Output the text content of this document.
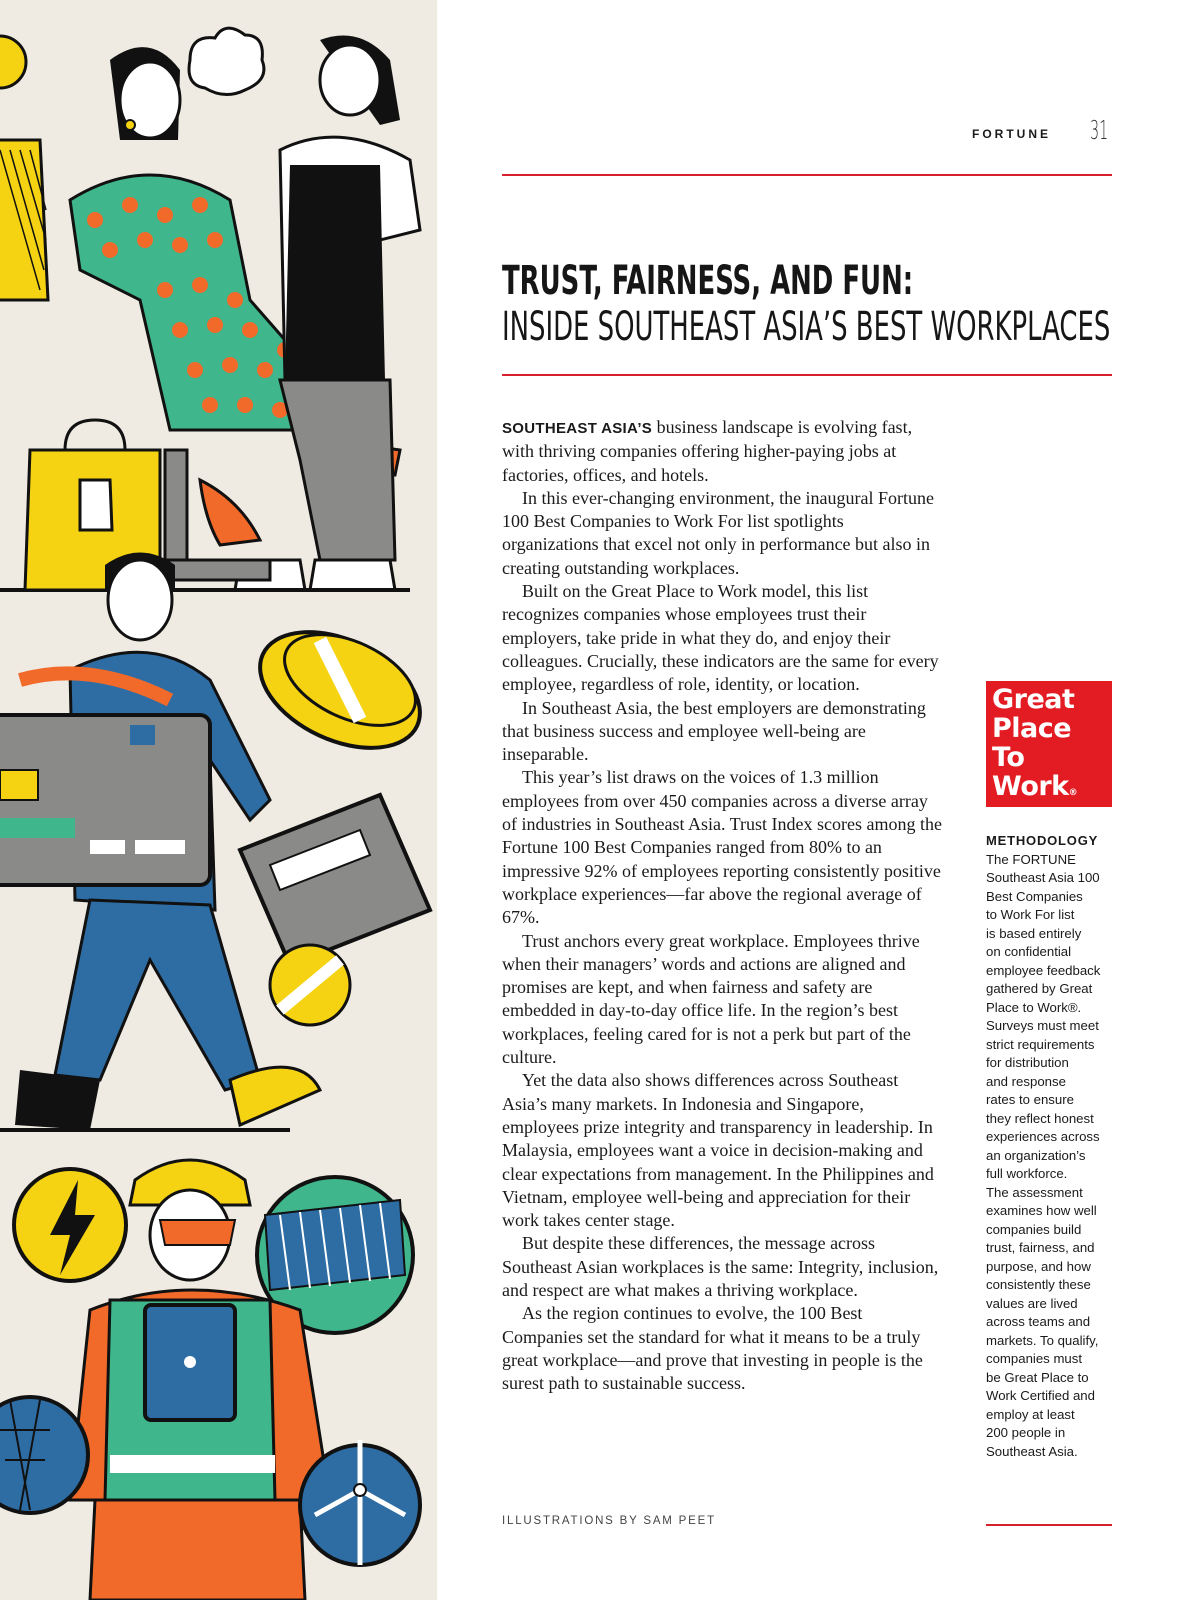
FORTUNE 31
TRUST, FAIRNESS, AND FUN:
INSIDE SOUTHEAST ASIA’S BEST WORKPLACES

SOUTHEAST ASIA’S business landscape is evolving fast, with thriving companies offering higher-paying jobs at factories, offices, and hotels.

In this ever-changing environment, the inaugural Fortune 100 Best Companies to Work For list spotlights organizations that excel not only in performance but also in creating outstanding workplaces.

Built on the Great Place to Work model, this list recognizes companies whose employees trust their employers, take pride in what they do, and enjoy their colleagues. Crucially, these indicators are the same for every employee, regardless of role, identity, or location.

In Southeast Asia, the best employers are demonstrating that business success and employee well-being are inseparable.

This year’s list draws on the voices of 1.3 million employees from over 450 companies across a diverse array of industries in Southeast Asia. Trust Index scores among the Fortune 100 Best Companies ranged from 80% to an impressive 92% of employees reporting consistently positive workplace experiences—far above the regional average of 67%.

Trust anchors every great workplace. Employees thrive when their managers’ words and actions are aligned and promises are kept, and when fairness and safety are embedded in day-to-day office life. In the region’s best workplaces, feeling cared for is not a perk but part of the culture.

Yet the data also shows differences across Southeast Asia’s many markets. In Indonesia and Singapore, employees prize integrity and transparency in leadership. In Malaysia, employees want a voice in decision-making and clear expectations from management. In the Philippines and Vietnam, employee well-being and appreciation for their work takes center stage.

But despite these differences, the message across Southeast Asian workplaces is the same: Integrity, inclusion, and respect are what makes a thriving workplace.

As the region continues to evolve, the 100 Best Companies set the standard for what it means to be a truly great workplace—and prove that investing in people is the surest path to sustainable success.

Great
Place
To
Work®
METHODOLOGY
The FORTUNE
Southeast Asia 100
Best Companies
to Work For list
is based entirely
on confidential
employee feedback
gathered by Great
Place to Work®.
Surveys must meet
strict requirements
for distribution
and response
rates to ensure
they reflect honest
experiences across
an organization’s
full workforce.
The assessment
examines how well
companies build
trust, fairness, and
purpose, and how
consistently these
values are lived
across teams and
markets. To qualify,
companies must
be Great Place to
Work Certified and
employ at least
200 people in
Southeast Asia.
ILLUSTRATIONS BY SAM PEET
